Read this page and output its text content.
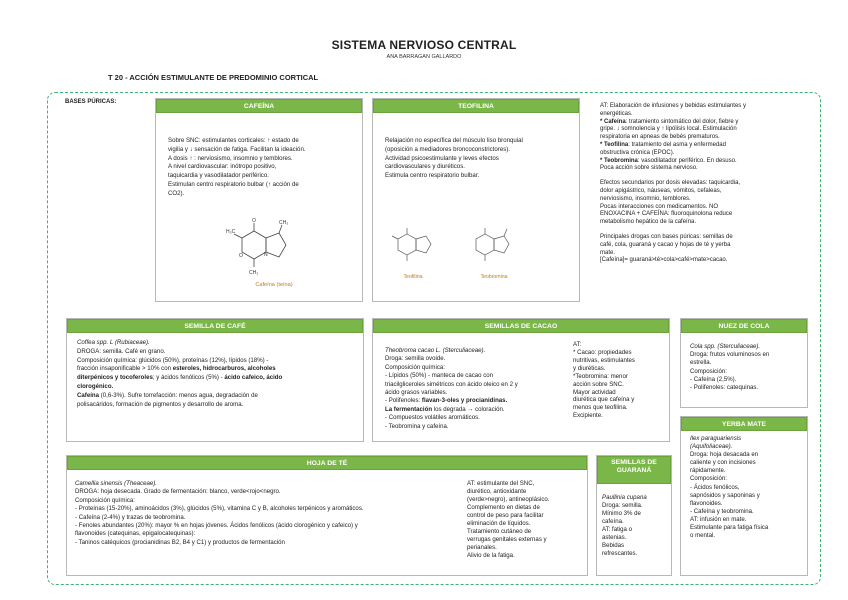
SISTEMA NERVIOSO CENTRAL
ANA BARRAGAN GALLARDO
T 20 - ACCIÓN ESTIMULANTE DE PREDOMINIO CORTICAL
BASES PÚRICAS:
CAFEÍNA

Sobre SNC: estimulantes corticales: ↑ estado de

vigilia y ↓ sensación de fatiga. Facilitan la ideación.

A dosis ↑ : nerviosismo, insomnio y temblores.

A nivel cardiovascular: inótropo positivo,

taquicardia y vasodilatador periférico.

Estimulan centro respiratorio bulbar (↑ acción de

CO2).

H₃C
O	CH₃
CH₃
O	N
Cafeína (teína)
TEOFILINA

Relajación no específica del músculo liso bronquial

(oposición a mediadores broncoconstrictores).

Actividad psicoestimulante y leves efectos

cardiovasculares y diuréticos.

Estimula centro respiratorio bulbar.

Teofilina	Teobromina

AT: Elaboración de infusiones y bebidas estimulantes y

energéticas.

* Cafeína: tratamiento sintomático del dolor, fiebre y

gripe. ↓ somnolencia y ↑ lipólisis local. Estimulación

respiratoria en apneas de bebés prematuros.

* Teofilina: tratamiento del asma y enfermedad

obstructiva crónica (EPOC).

* Teobromina: vasodilatador periférico. En desuso.

Poca acción sobre sistema nervioso.

Efectos secundarios por dosis elevadas: taquicardia,

dolor apigástrico, náuseas, vómitos, cefaleas,

nerviosismo, insomnio, temblores.

Pocas interacciones con medicamentos. NO

ENOXACINA + CAFEÍNA: fluoroquinolona reduce

metabolismo hepático de la cafeína.

Principales drogas con bases púricas: semillas de

café, cola, guaraná y cacao y hojas de té y yerba

mate.

[Cafeína]= guaraná>té>cola>café>mate>cacao.

SEMILLA DE CAFÉ

Coffea spp. L (Rubiaceae).

DROGA: semilla. Café en grano.

Composición química: glúcidos (50%), proteínas (12%), lípidos (18%) -

fracción insaponificable > 10% con esteroles, hidrocarburos, alcoholes

diterpénicos y tocoferoles; y ácidos fenólicos (5%) - ácido cafeico, ácido

clorogénico.

Cafeína (0,6-3%). Sufre torrefacción: menos agua, degradación de

polisacáridos, formación de pigmentos y desarrollo de aroma.

SEMILLAS DE CACAO

Theobroma cacao L. (Sterculiaceae).

Droga: semilla ovoide.

Composición química:

- Lípidos (50%) - manteca de cacao con

triacilgliceroles simétricos con ácido oleico en 2 y

ácido grasos variables.

- Polifenoles: flavan-3-oles y procianidinas.

La fermentación los degrada → coloración.

- Compuestos volátiles aromáticos.

- Teobromina y cafeína.

AT:

* Cacao: propiedades

nutritivas, estimulantes

y diuréticas.

*Teobromina: menor

acción sobre SNC.

Mayor actividad

diurética que cafeína y

menos que teofilina.

Excipiente.

NUEZ DE COLA

Cola spp. (Sterculiaceae).

Droga: frutos voluminosos en

estrella.

Composición:

- Cafeína (2,5%).

- Polifenoles: catequinas.

YERBA MATE

Ilex paraguariensis

(Aquifoliaceae).

Droga: hoja desacada en

caliente y con incisiones

rápidamente.

Composición:

- Ácidos fenólicos,

sapnósidos y saponinas y

flavonoides.

- Cafeína y teobromina.

AT: infusión en mate.

Estimulante para fatiga física

o mental.

HOJA DE TÉ

Camellia sinensis (Theaceae).

DROGA: hoja desecada. Grado de fermentación: blanco, verde<rojo<negro.

Composición química:

- Proteínas (15-20%), aminoácidos (3%), glúcidos (5%), vitamina C y B, alcoholes terpénicos y aromáticos.

- Cafeína (2-4%) y trazas de teobromina.

- Fenoles abundantes (20%): mayor % en hojas jóvenes. Ácidos fenólicos (ácido clorogénico y cafeico) y

flavonoides (catequinas, epigalocatequinas):

- Taninos catéquicos (procianidinas B2, B4 y C1) y productos de fermentación

AT: estimulante del SNC,

diurético, antioxidante

(verde>negro), antineoplásico.

Complemento en dietas de

control de peso para facilitar

eliminación de líquidos.

Tratamiento cutáneo de

verrugas genitales externas y

perianales.

Alivio de la fatiga.

SEMILLAS DE
GUARANÁ

Paullinia cupana

Droga: semilla.

Mínimo 3% de

cafeína.

AT: fatiga o

astenias.

Bebidas

refrescantes.
